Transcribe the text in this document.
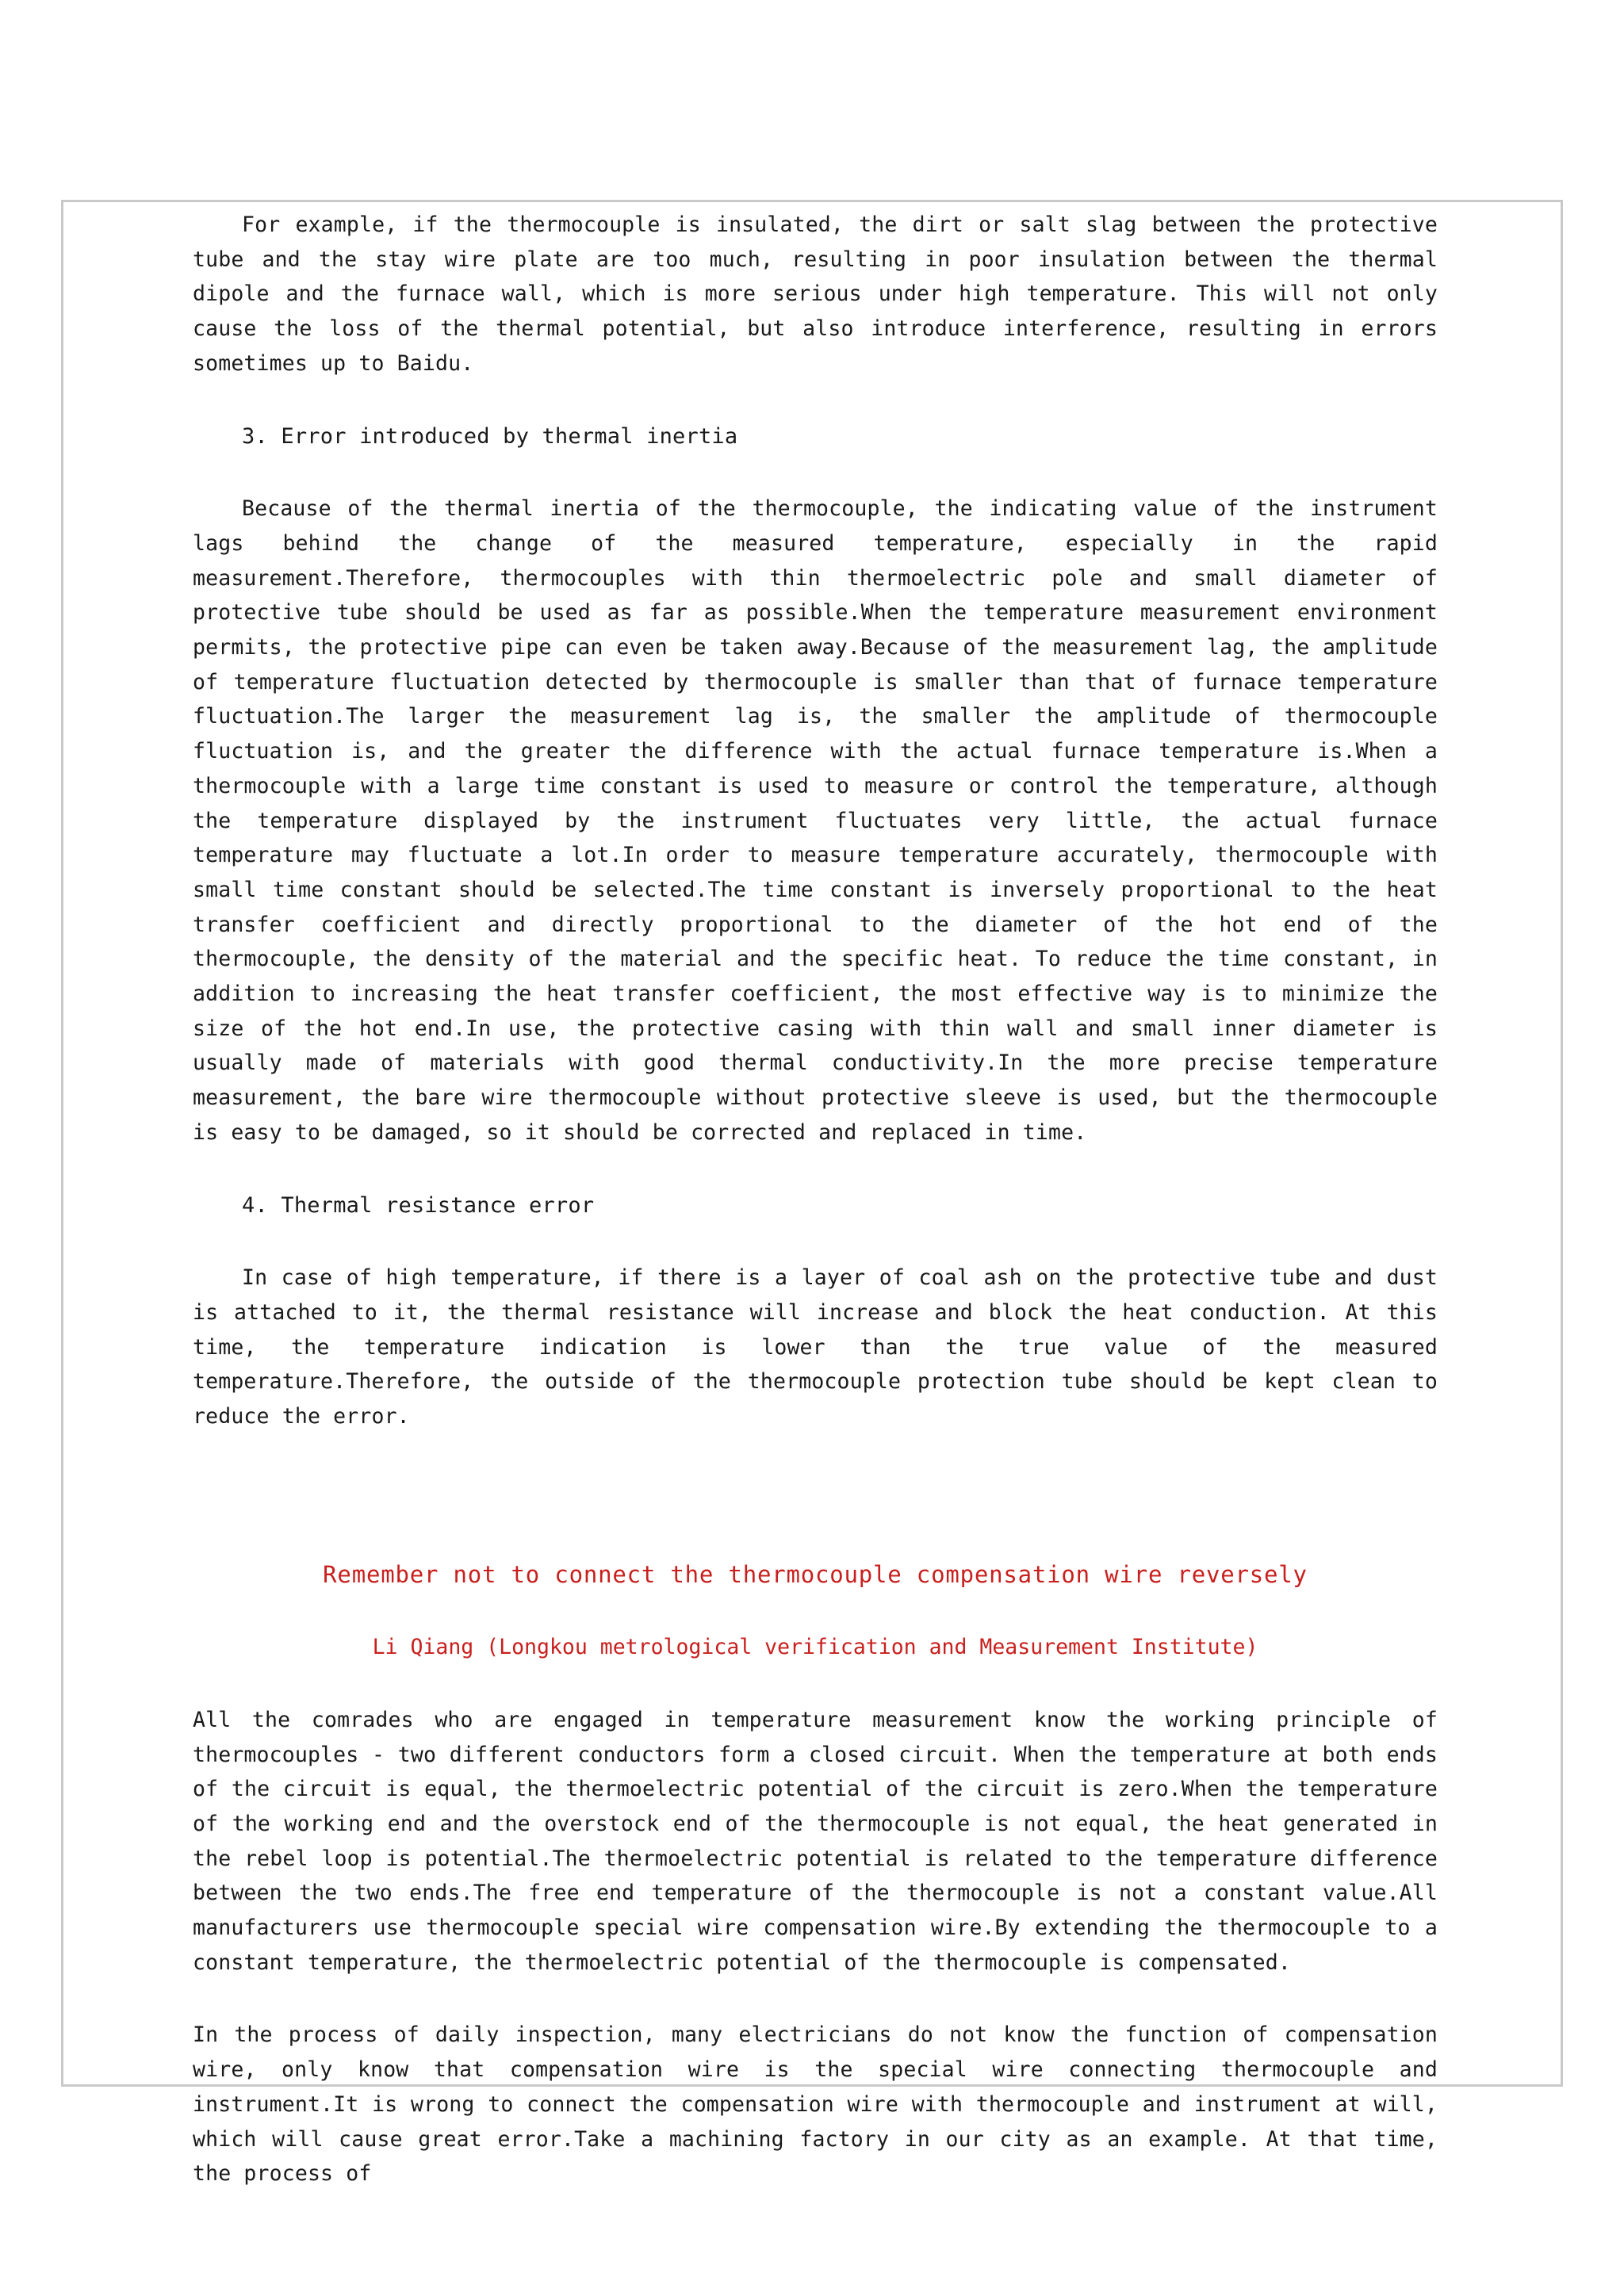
For example, if the thermocouple is insulated, the dirt or salt slag between the protective tube and the stay wire plate are too much, resulting in poor insulation between the thermal dipole and the furnace wall, which is more serious under high temperature. This will not only cause the loss of the thermal potential, but also introduce interference, resulting in errors sometimes up to Baidu.

3. Error introduced by thermal inertia

Because of the thermal inertia of the thermocouple, the indicating value of the instrument lags behind the change of the measured temperature, especially in the rapid measurement.Therefore, thermocouples with thin thermoelectric pole and small diameter of protective tube should be used as far as possible.When the temperature measurement environment permits, the protective pipe can even be taken away.Because of the measurement lag, the amplitude of temperature fluctuation detected by thermocouple is smaller than that of furnace temperature fluctuation.The larger the measurement lag is, the smaller the amplitude of thermocouple fluctuation is, and the greater the difference with the actual furnace temperature is.When a thermocouple with a large time constant is used to measure or control the temperature, although the temperature displayed by the instrument fluctuates very little, the actual furnace temperature may fluctuate a lot.In order to measure temperature accurately, thermocouple with small time constant should be selected.The time constant is inversely proportional to the heat transfer coefficient and directly proportional to the diameter of the hot end of the thermocouple, the density of the material and the specific heat. To reduce the time constant, in addition to increasing the heat transfer coefficient, the most effective way is to minimize the size of the hot end.In use, the protective casing with thin wall and small inner diameter is usually made of materials with good thermal conductivity.In the more precise temperature measurement, the bare wire thermocouple without protective sleeve is used, but the thermocouple is easy to be damaged, so it should be corrected and replaced in time.

4. Thermal resistance error

In case of high temperature, if there is a layer of coal ash on the protective tube and dust is attached to it, the thermal resistance will increase and block the heat conduction. At this time, the temperature indication is lower than the true value of the measured temperature.Therefore, the outside of the thermocouple protection tube should be kept clean to reduce the error.

Remember not to connect the thermocouple compensation wire reversely
Li Qiang (Longkou metrological verification and Measurement Institute)

All the comrades who are engaged in temperature measurement know the working principle of thermocouples - two different conductors form a closed circuit. When the temperature at both ends of the circuit is equal, the thermoelectric potential of the circuit is zero.When the temperature of the working end and the overstock end of the thermocouple is not equal, the heat generated in the rebel loop is potential.The thermoelectric potential is related to the temperature difference between the two ends.The free end temperature of the thermocouple is not a constant value.All manufacturers use thermocouple special wire compensation wire.By extending the thermocouple to a constant temperature, the thermoelectric potential of the thermocouple is compensated.

In the process of daily inspection, many electricians do not know the function of compensation wire, only know that compensation wire is the special wire connecting thermocouple and instrument.It is wrong to connect the compensation wire with thermocouple and instrument at will, which will cause great error.Take a machining factory in our city as an example. At that time, the process of
